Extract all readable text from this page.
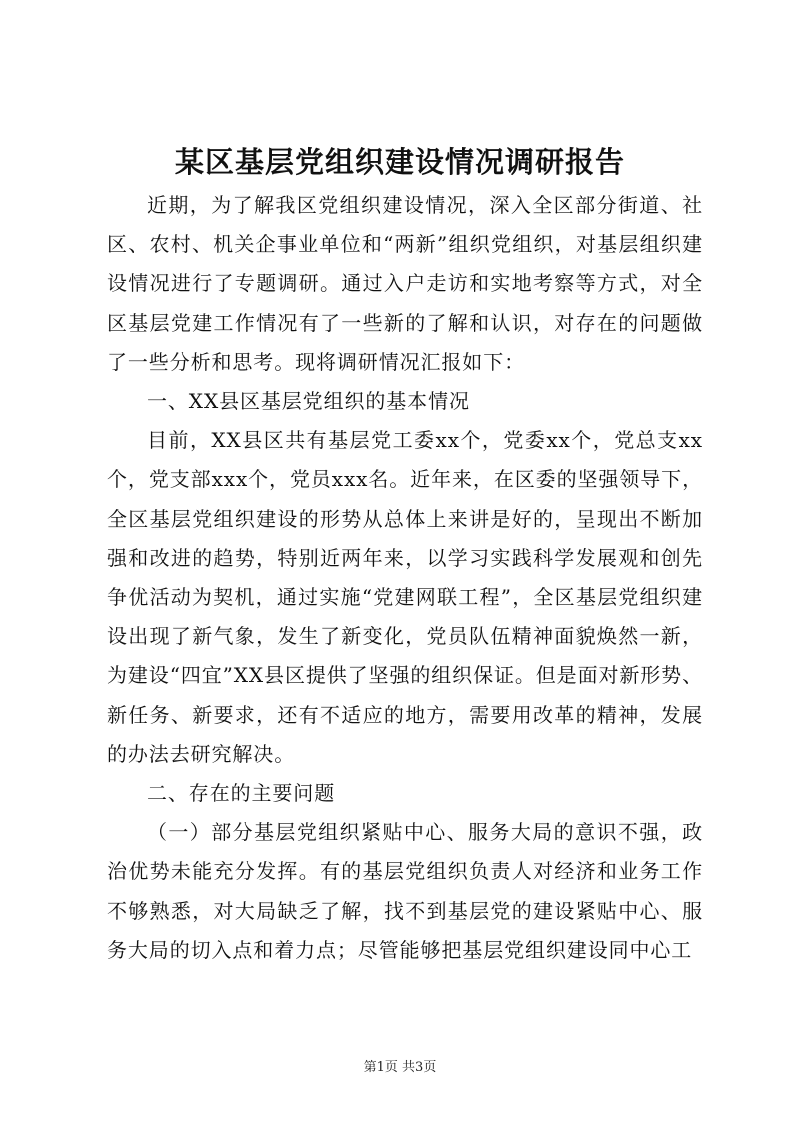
某区基层党组织建设情况调研报告

近期，为了解我区党组织建设情况，深入全区部分街道、社区、农村、机关企事业单位和“两新”组织党组织，对基层组织建设情况进行了专题调研。通过入户走访和实地考察等方式，对全区基层党建工作情况有了一些新的了解和认识，对存在的问题做了一些分析和思考。现将调研情况汇报如下：

一、XX县区基层党组织的基本情况

目前，XX县区共有基层党工委xx个，党委xx个，党总支xx个，党支部xxx个，党员xxx名。近年来，在区委的坚强领导下，全区基层党组织建设的形势从总体上来讲是好的，呈现出不断加强和改进的趋势，特别近两年来，以学习实践科学发展观和创先争优活动为契机，通过实施“党建网联工程”，全区基层党组织建设出现了新气象，发生了新变化，党员队伍精神面貌焕然一新，为建设“四宜”XX县区提供了坚强的组织保证。但是面对新形势、新任务、新要求，还有不适应的地方，需要用改革的精神，发展的办法去研究解决。

二、存在的主要问题

（一）部分基层党组织紧贴中心、服务大局的意识不强，政治优势未能充分发挥。有的基层党组织负责人对经济和业务工作不够熟悉，对大局缺乏了解，找不到基层党的建设紧贴中心、服务大局的切入点和着力点；尽管能够把基层党组织建设同中心工

第1页 共3页
